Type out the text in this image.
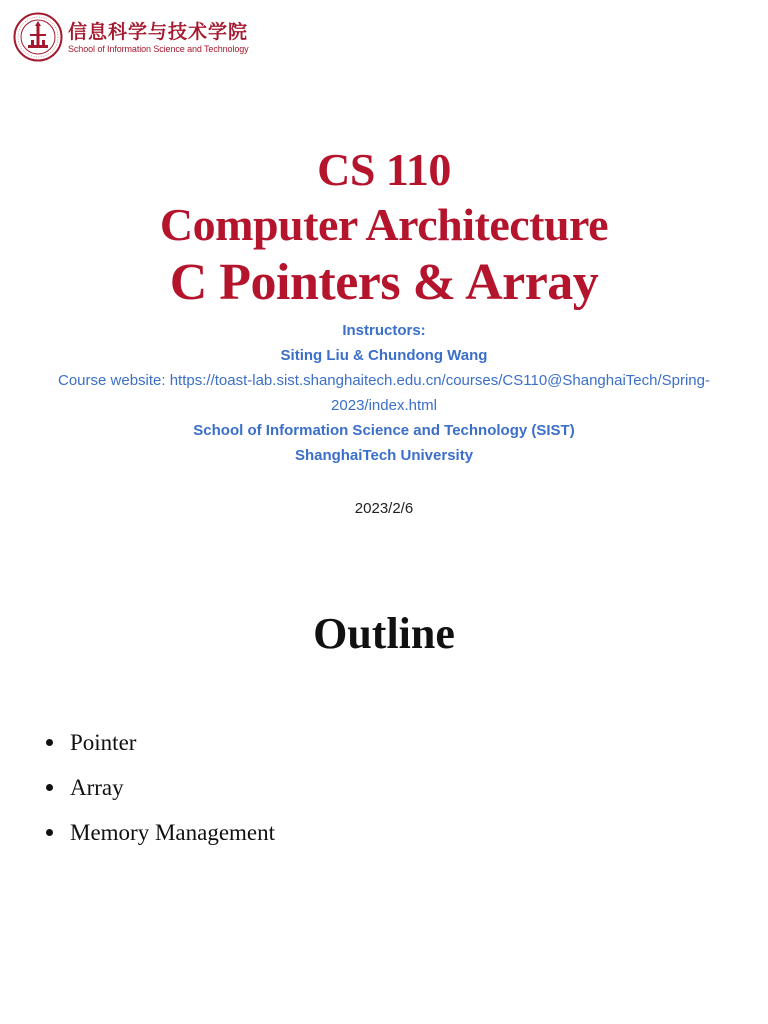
信息科学与技术学院
School of Information Science and Technology
CS 110
Computer Architecture
C Pointers & Array
Instructors:
Siting Liu & Chundong Wang
Course website: https://toast-lab.sist.shanghaitech.edu.cn/courses/CS110@ShanghaiTech/Spring-2023/index.html
School of Information Science and Technology (SIST)
ShanghaiTech University
2023/2/6
Outline
Pointer
Array
Memory Management
